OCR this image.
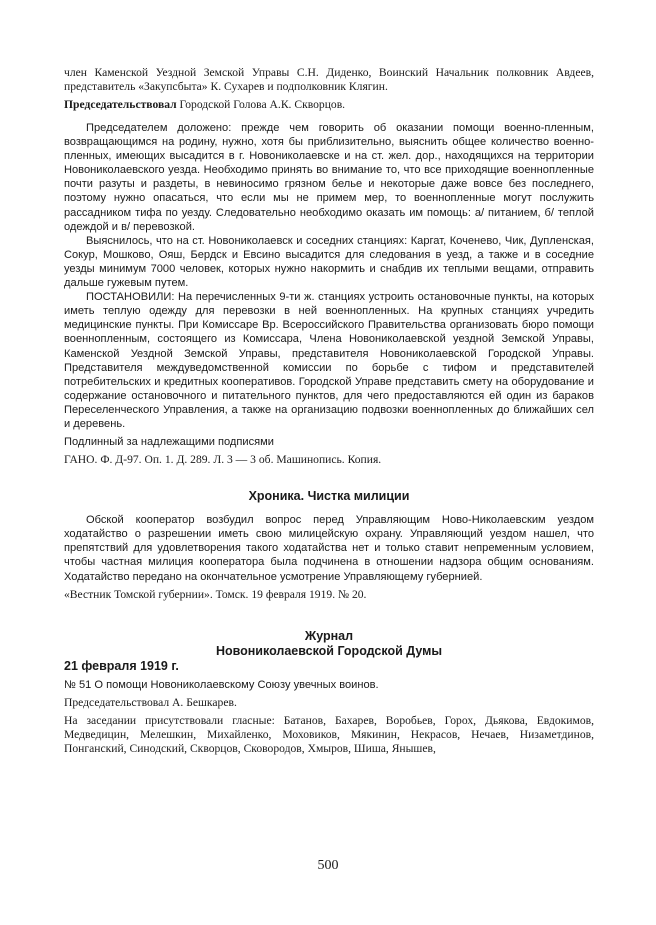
член Каменской Уездной Земской Управы С.Н. Диденко, Воинский Начальник полковник Авдеев, представитель «Закупсбыта» К. Сухарев и подполковник Клягин.

Председательствовал Городской Голова А.К. Скворцов.

Председателем доложено: прежде чем говорить об оказании помощи военно-пленным, возвращающимся на родину, нужно, хотя бы приблизительно, выяснить общее количество военно-пленных, имеющих высадится в г. Новониколаевске и на ст. жел. дор., находящихся на территории Новониколаевского уезда. Необходимо принять во внимание то, что все приходящие военнопленные почти разуты и раздеты, в невиносимо грязном белье и некоторые даже вовсе без последнего, поэтому нужно опасаться, что если мы не примем мер, то военнопленные могут послужить рассадником тифа по уезду. Следовательно необходимо оказать им помощь: а/ питанием, б/ теплой одеждой и в/ перевозкой.

Выяснилось, что на ст. Новониколаевск и соседних станциях: Каргат, Коченево, Чик, Дупленская, Сокур, Мошково, Ояш, Бердск и Евсино высадится для следования в уезд, а также и в соседние уезды минимум 7000 человек, которых нужно накормить и снабдив их теплыми вещами, отправить дальше гужевым путем.

ПОСТАНОВИЛИ: На перечисленных 9-ти ж. станциях устроить остановочные пункты, на которых иметь теплую одежду для перевозки в ней военнопленных. На крупных станциях учредить медицинские пункты. При Комиссаре Вр. Всероссийского Правительства организовать бюро помощи военнопленным, состоящего из Комиссара, Члена Новониколаевской уездной Земской Управы, Каменской Уездной Земской Управы, представителя Новониколаевской Городской Управы. Представителя междуведомственной комиссии по борьбе с тифом и представителей потребительских и кредитных кооперативов. Городской Управе представить смету на оборудование и содержание остановочного и питательного пунктов, для чего предоставляются ей один из бараков Переселенческого Управления, а также на организацию подвозки военнопленных до ближайших сел и деревень.

Подлинный за надлежащими подписями

ГАНО. Ф. Д-97. Оп. 1. Д. 289. Л. 3 — 3 об. Машинопись. Копия.

Хроника. Чистка милиции

Обской кооператор возбудил вопрос перед Управляющим Ново-Николаевским уездом ходатайство о разрешении иметь свою милицейскую охрану. Управляющий уездом нашел, что препятствий для удовлетворения такого ходатайства нет и только ставит непременным условием, чтобы частная милиция кооператора была подчинена в отношении надзора общим основаниям. Ходатайство передано на окончательное усмотрение Управляющему губернией.

«Вестник Томской губернии». Томск. 19 февраля 1919. № 20.

Журнал
Новониколаевской Городской Думы

21 февраля 1919 г.

№ 51 О помощи Новониколаевскому Союзу увечных воинов.

Председательствовал А. Бешкарев.

На заседании присутствовали гласные: Батанов, Бахарев, Воробьев, Горох, Дьякова, Евдокимов, Медведицин, Мелешкин, Михайленко, Моховиков, Мякинин, Некрасов, Нечаев, Низаметдинов, Понганский, Синодский, Скворцов, Сковородов, Хмыров, Шиша, Янышев,

500
